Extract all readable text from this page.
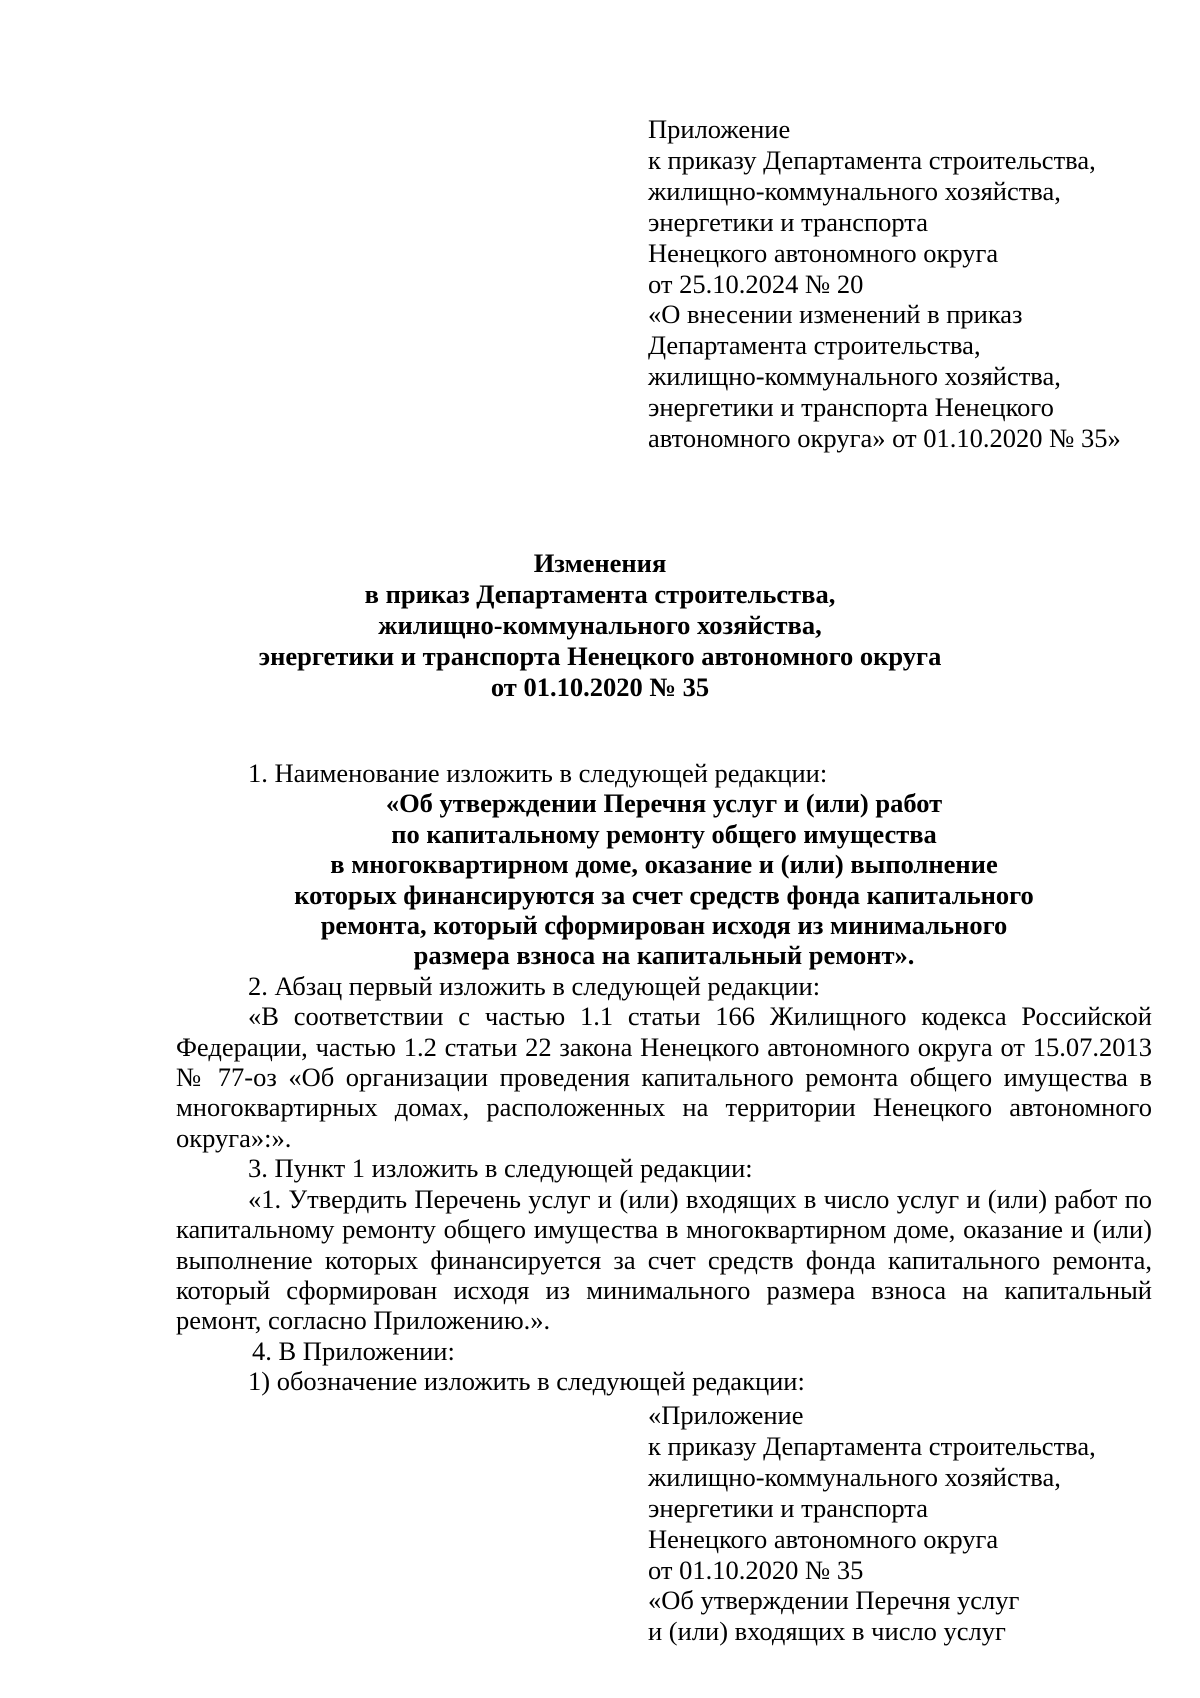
Приложение
к приказу Департамента строительства,
жилищно-коммунального хозяйства,
энергетики и транспорта
Ненецкого автономного округа
от 25.10.2024 № 20
«О внесении изменений в приказ
Департамента строительства,
жилищно-коммунального хозяйства,
энергетики и транспорта Ненецкого
автономного округа» от 01.10.2020 № 35»
Изменения
в приказ Департамента строительства,
жилищно-коммунального хозяйства,
энергетики и транспорта Ненецкого автономного округа
от 01.10.2020 № 35

1. Наименование изложить в следующей редакции:

«Об утверждении Перечня услуг и (или) работ
по капитальному ремонту общего имущества
в многоквартирном доме, оказание и (или) выполнение
которых финансируются за счет средств фонда капитального
ремонта, который сформирован исходя из минимального
размера взноса на капитальный ремонт».

2. Абзац первый изложить в следующей редакции:

«В соответствии с частью 1.1 статьи 166 Жилищного кодекса Российской Федерации, частью 1.2 статьи 22 закона Ненецкого автономного округа от 15.07.2013 № 77-оз «Об организации проведения капитального ремонта общего имущества в многоквартирных домах, расположенных на территории Ненецкого автономного округа»:».

3. Пункт 1 изложить в следующей редакции:

«1. Утвердить Перечень услуг и (или) входящих в число услуг и (или) работ по капитальному ремонту общего имущества в многоквартирном доме, оказание и (или) выполнение которых финансируется за счет средств фонда капитального ремонта, который сформирован исходя из минимального размера взноса на капитальный ремонт, согласно Приложению.».

4. В Приложении:

1) обозначение изложить в следующей редакции:

«Приложение
к приказу Департамента строительства,
жилищно-коммунального хозяйства,
энергетики и транспорта
Ненецкого автономного округа
от 01.10.2020 № 35
«Об утверждении Перечня услуг
и (или) входящих в число услуг
